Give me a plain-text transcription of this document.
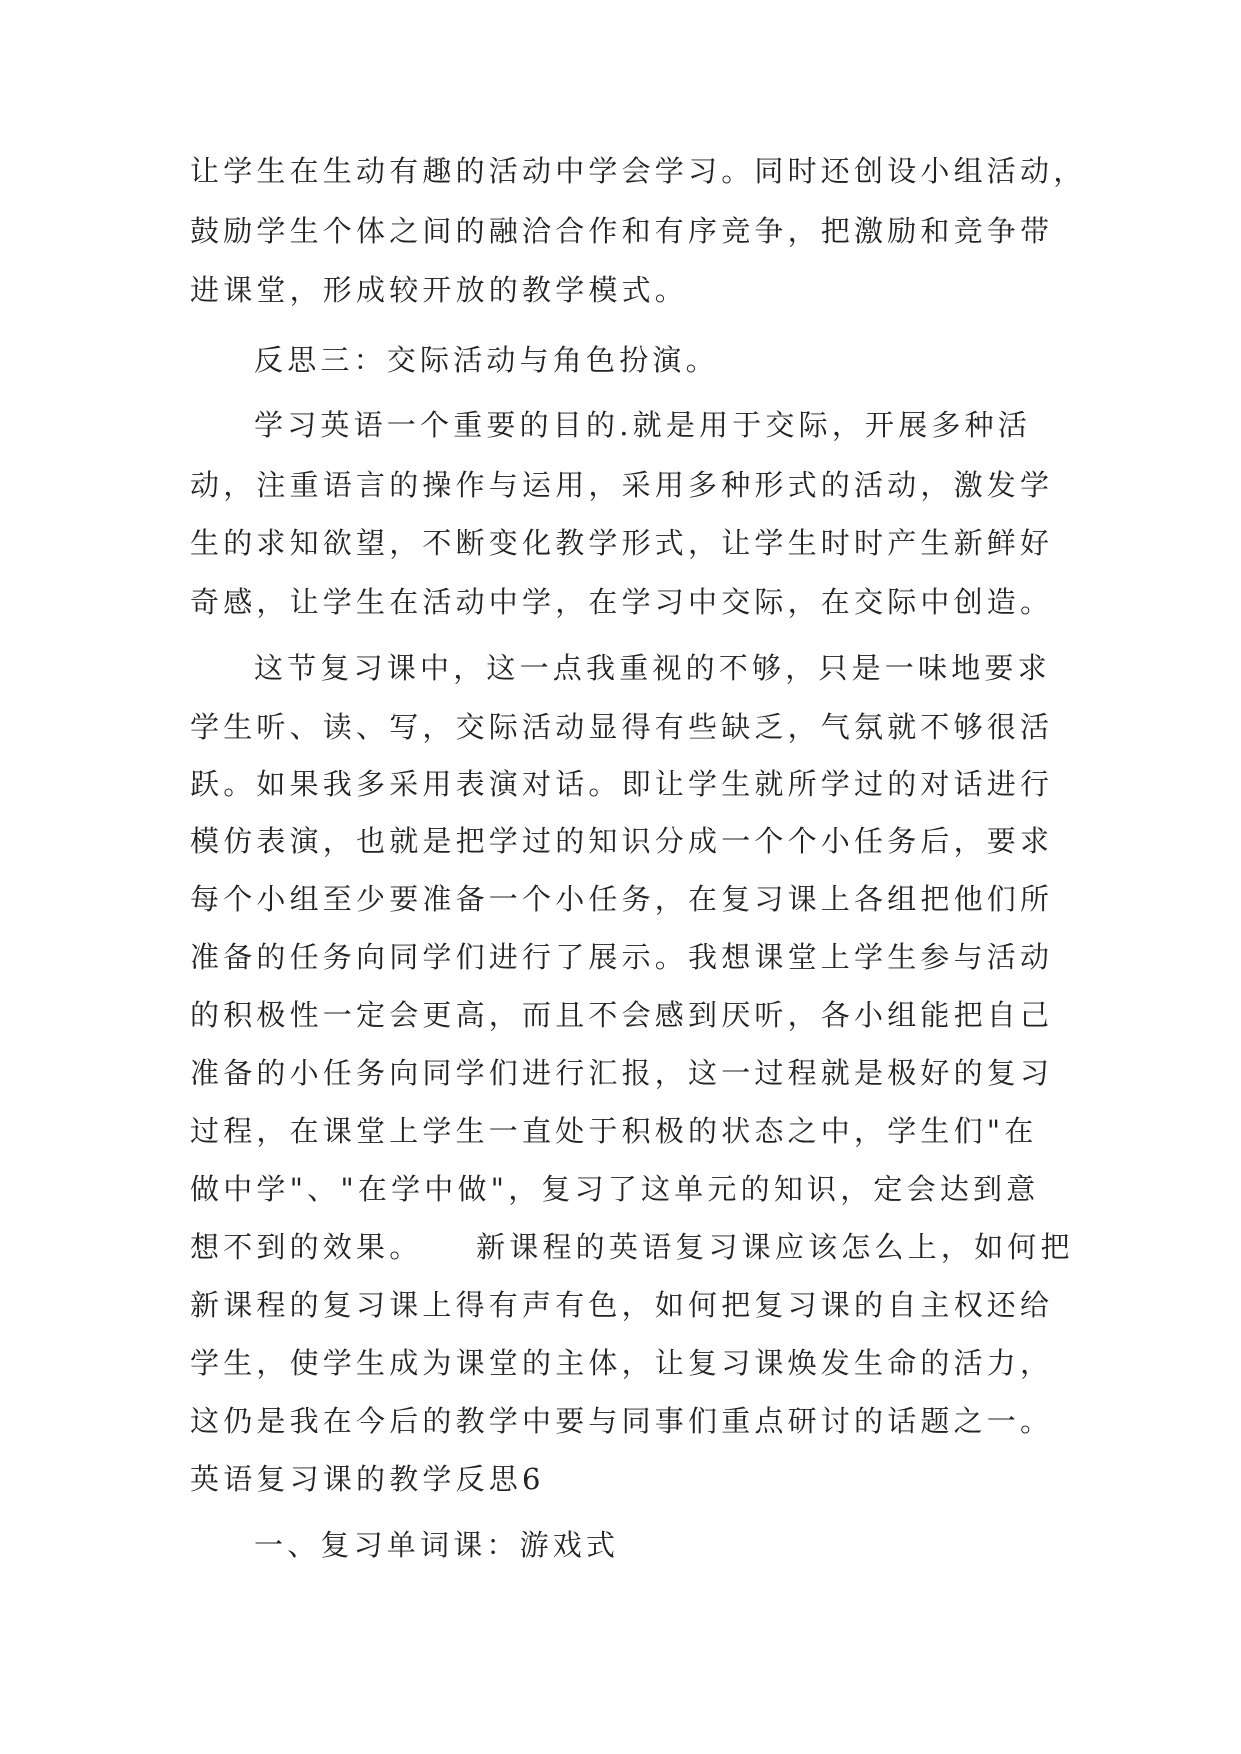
让学生在生动有趣的活动中学会学习。同时还创设小组活动，

鼓励学生个体之间的融洽合作和有序竞争，把激励和竞争带

进课堂，形成较开放的教学模式。

反思三：交际活动与角色扮演。

学习英语一个重要的目的.就是用于交际，开展多种活

动，注重语言的操作与运用，采用多种形式的活动，激发学

生的求知欲望，不断变化教学形式，让学生时时产生新鲜好

奇感，让学生在活动中学，在学习中交际，在交际中创造。

这节复习课中，这一点我重视的不够，只是一味地要求

学生听、读、写，交际活动显得有些缺乏，气氛就不够很活

跃。如果我多采用表演对话。即让学生就所学过的对话进行

模仿表演，也就是把学过的知识分成一个个小任务后，要求

每个小组至少要准备一个小任务，在复习课上各组把他们所

准备的任务向同学们进行了展示。我想课堂上学生参与活动

的积极性一定会更高，而且不会感到厌听，各小组能把自己

准备的小任务向同学们进行汇报，这一过程就是极好的复习

过程，在课堂上学生一直处于积极的状态之中，学生们"在

做中学"、"在学中做"，复习了这单元的知识，定会达到意

想不到的效果。    新课程的英语复习课应该怎么上，如何把

新课程的复习课上得有声有色，如何把复习课的自主权还给

学生，使学生成为课堂的主体，让复习课焕发生命的活力，

这仍是我在今后的教学中要与同事们重点研讨的话题之一。

英语复习课的教学反思6

一、复习单词课：游戏式
